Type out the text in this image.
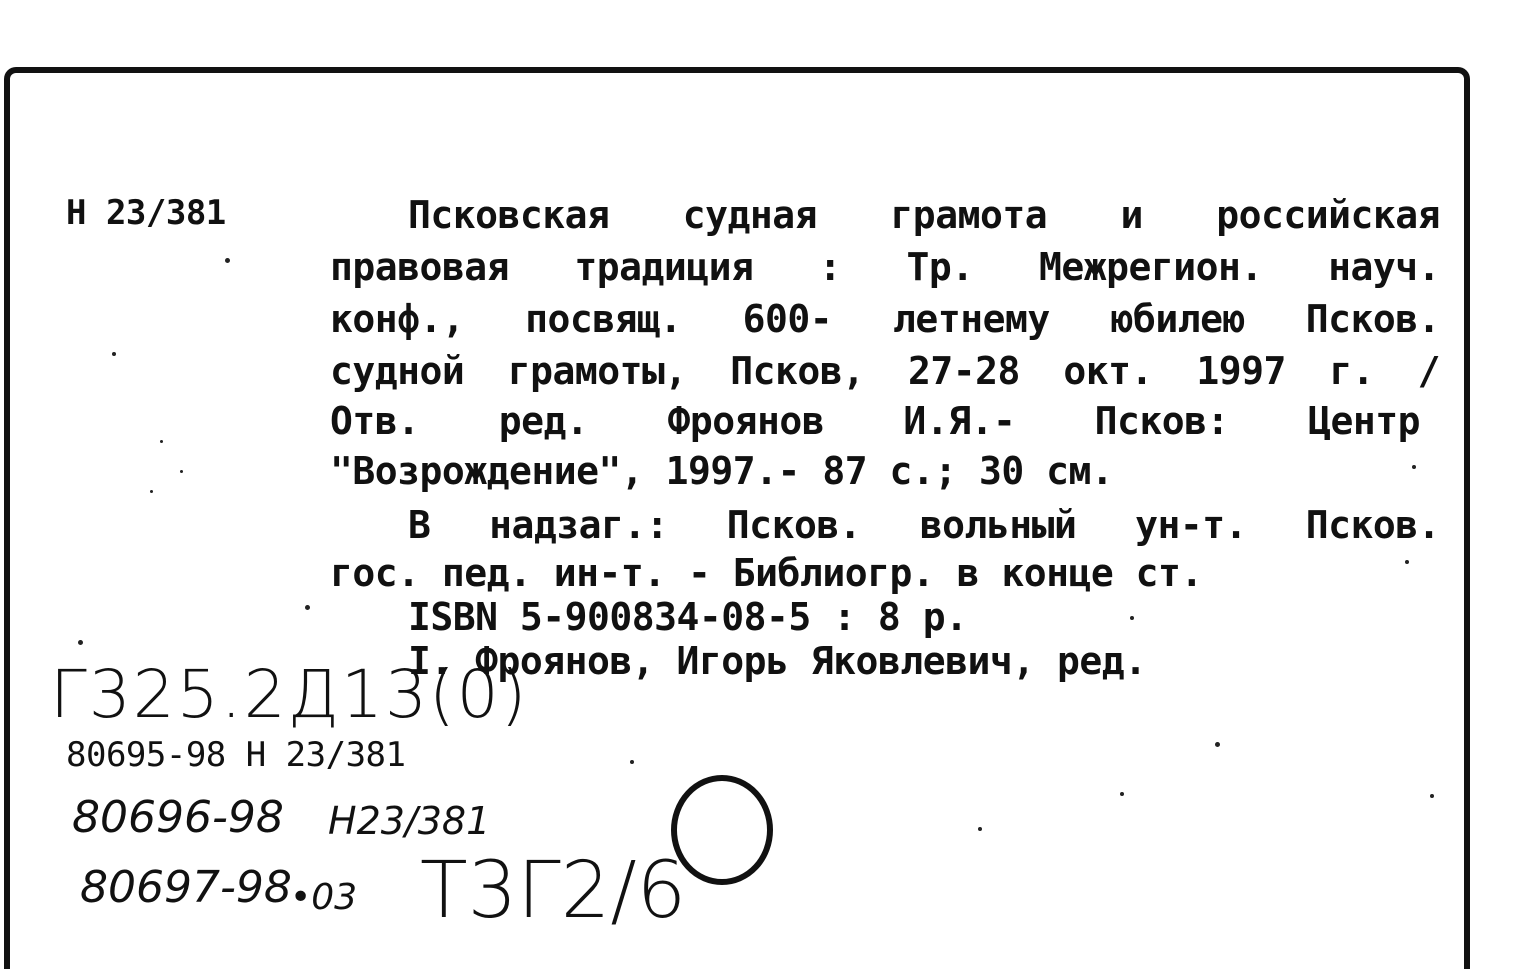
Н 23/381	Псковская судная грамота и российская
правовая традиция : Тр. Межрегион. науч.
конф., посвящ. 600- летнему юбилею Псков.
судной грамоты, Псков, 27-28 окт. 1997 г. /
Отв. ред. Фроянов И.Я.- Псков: Центр
"Возрождение", 1997.- 87 с.; 30 см.
В надзаг.: Псков. вольный ун-т. Псков.
гос. пед. ин-т. - Библиогр. в конце ст.
ISBN 5-900834-08-5 : 8 р.
I. Фроянов, Игорь Яковлевич, ред.
Г325.2Д13(0)
80695-98 Н 23/381
80696-98 Н23/381
80697-98
•03 Т3Г2/6
